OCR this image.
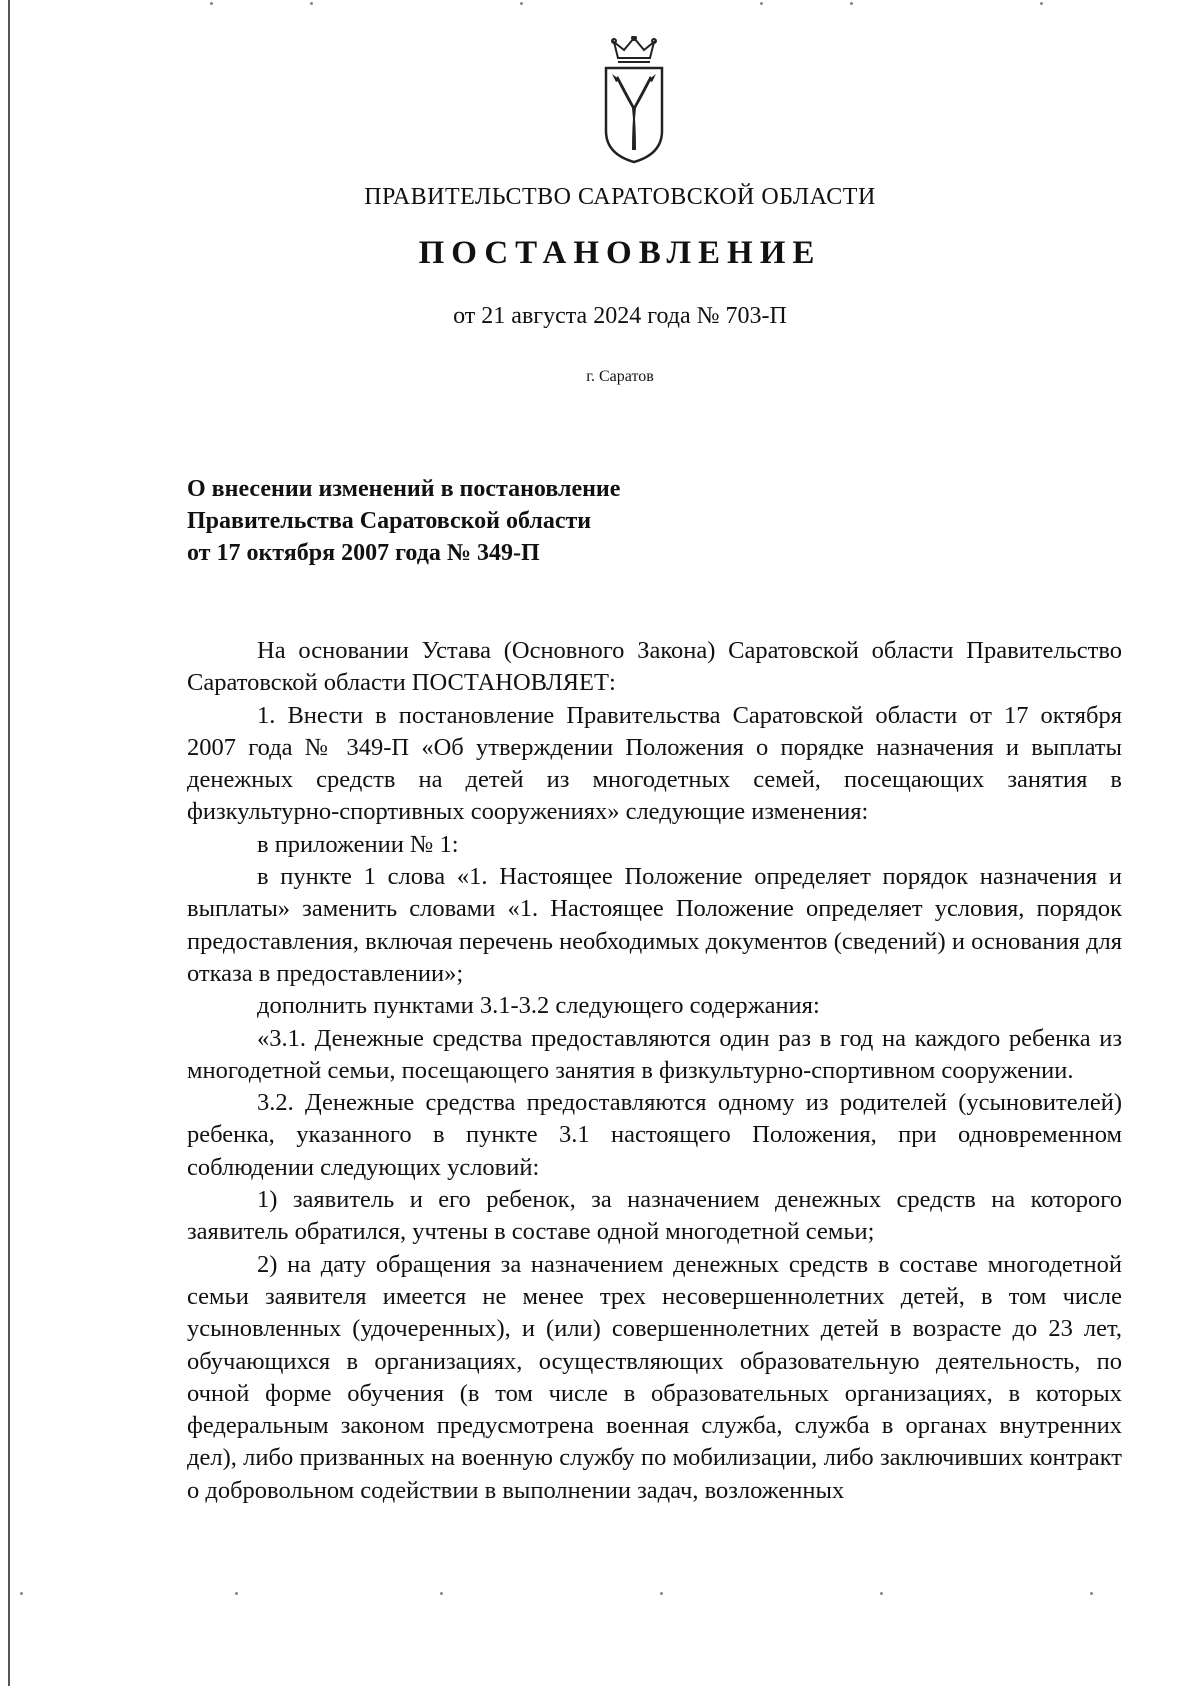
ПРАВИТЕЛЬСТВО САРАТОВСКОЙ ОБЛАСТИ
ПОСТАНОВЛЕНИЕ
от 21 августа 2024 года № 703-П
г. Саратов
О внесении изменений в постановление
Правительства Саратовской области
от 17 октября 2007 года № 349-П

На основании Устава (Основного Закона) Саратовской области Правительство Саратовской области ПОСТАНОВЛЯЕТ:

1. Внести в постановление Правительства Саратовской области от 17 октября 2007 года № 349-П «Об утверждении Положения о порядке назначения и выплаты денежных средств на детей из многодетных семей, посещающих занятия в физкультурно-спортивных сооружениях» следующие изменения:

в приложении № 1:

в пункте 1 слова «1. Настоящее Положение определяет порядок назначения и выплаты» заменить словами «1. Настоящее Положение определяет условия, порядок предоставления, включая перечень необходимых документов (сведений) и основания для отказа в предоставлении»;

дополнить пунктами 3.1-3.2 следующего содержания:

«3.1. Денежные средства предоставляются один раз в год на каждого ребенка из многодетной семьи, посещающего занятия в физкультурно-спортивном сооружении.

3.2. Денежные средства предоставляются одному из родителей (усыновителей) ребенка, указанного в пункте 3.1 настоящего Положения, при одновременном соблюдении следующих условий:

1) заявитель и его ребенок, за назначением денежных средств на которого заявитель обратился, учтены в составе одной многодетной семьи;

2) на дату обращения за назначением денежных средств в составе многодетной семьи заявителя имеется не менее трех несовершеннолетних детей, в том числе усыновленных (удочеренных), и (или) совершеннолетних детей в возрасте до 23 лет, обучающихся в организациях, осуществляющих образовательную деятельность, по очной форме обучения (в том числе в образовательных организациях, в которых федеральным законом предусмотрена военная служба, служба в органах внутренних дел), либо призванных на военную службу по мобилизации, либо заключивших контракт о добровольном содействии в выполнении задач, возложенных
